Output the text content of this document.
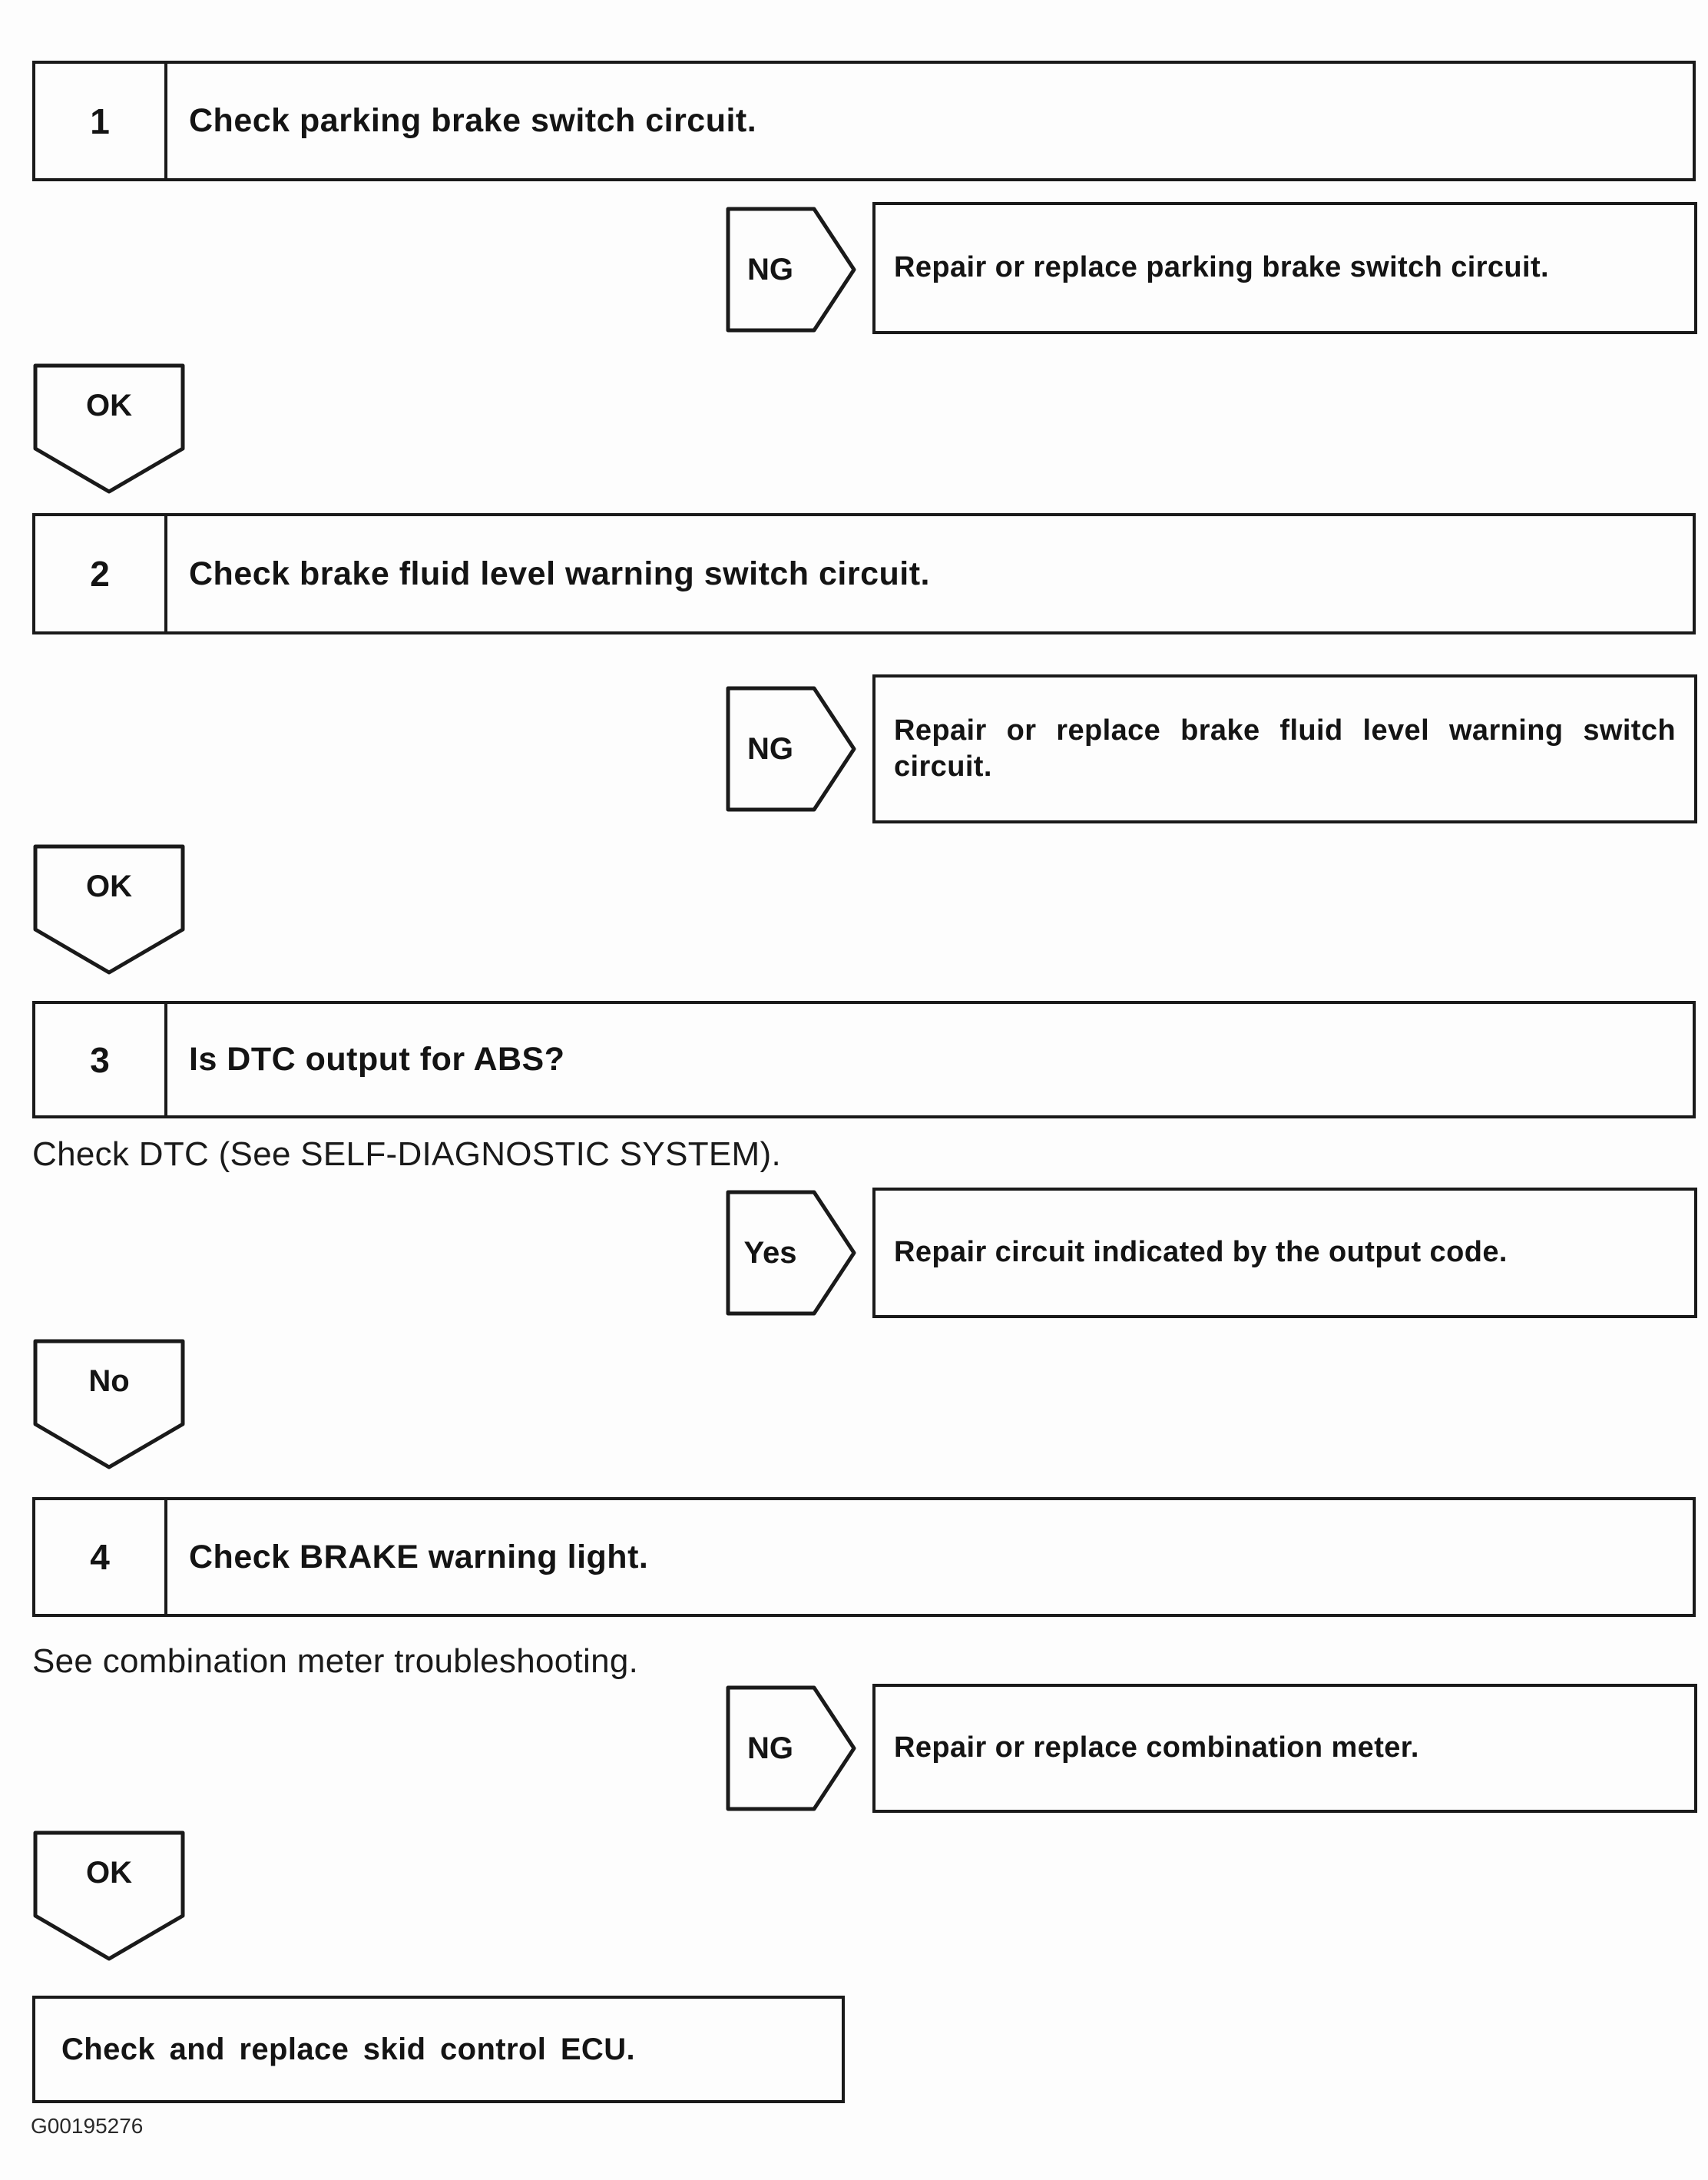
1	Check parking brake switch circuit.
NG	Repair or replace parking brake switch circuit.
OK
2	Check brake fluid level warning switch circuit.
NG
Repair or replace brake fluid level warning switch circuit.
OK
3	Is DTC output for ABS?
Check DTC (See SELF-DIAGNOSTIC SYSTEM).
Yes	Repair circuit indicated by the output code.
No
4	Check BRAKE warning light.
See combination meter troubleshooting.
NG	Repair or replace combination meter.
OK
Check and replace skid control ECU.
G00195276
